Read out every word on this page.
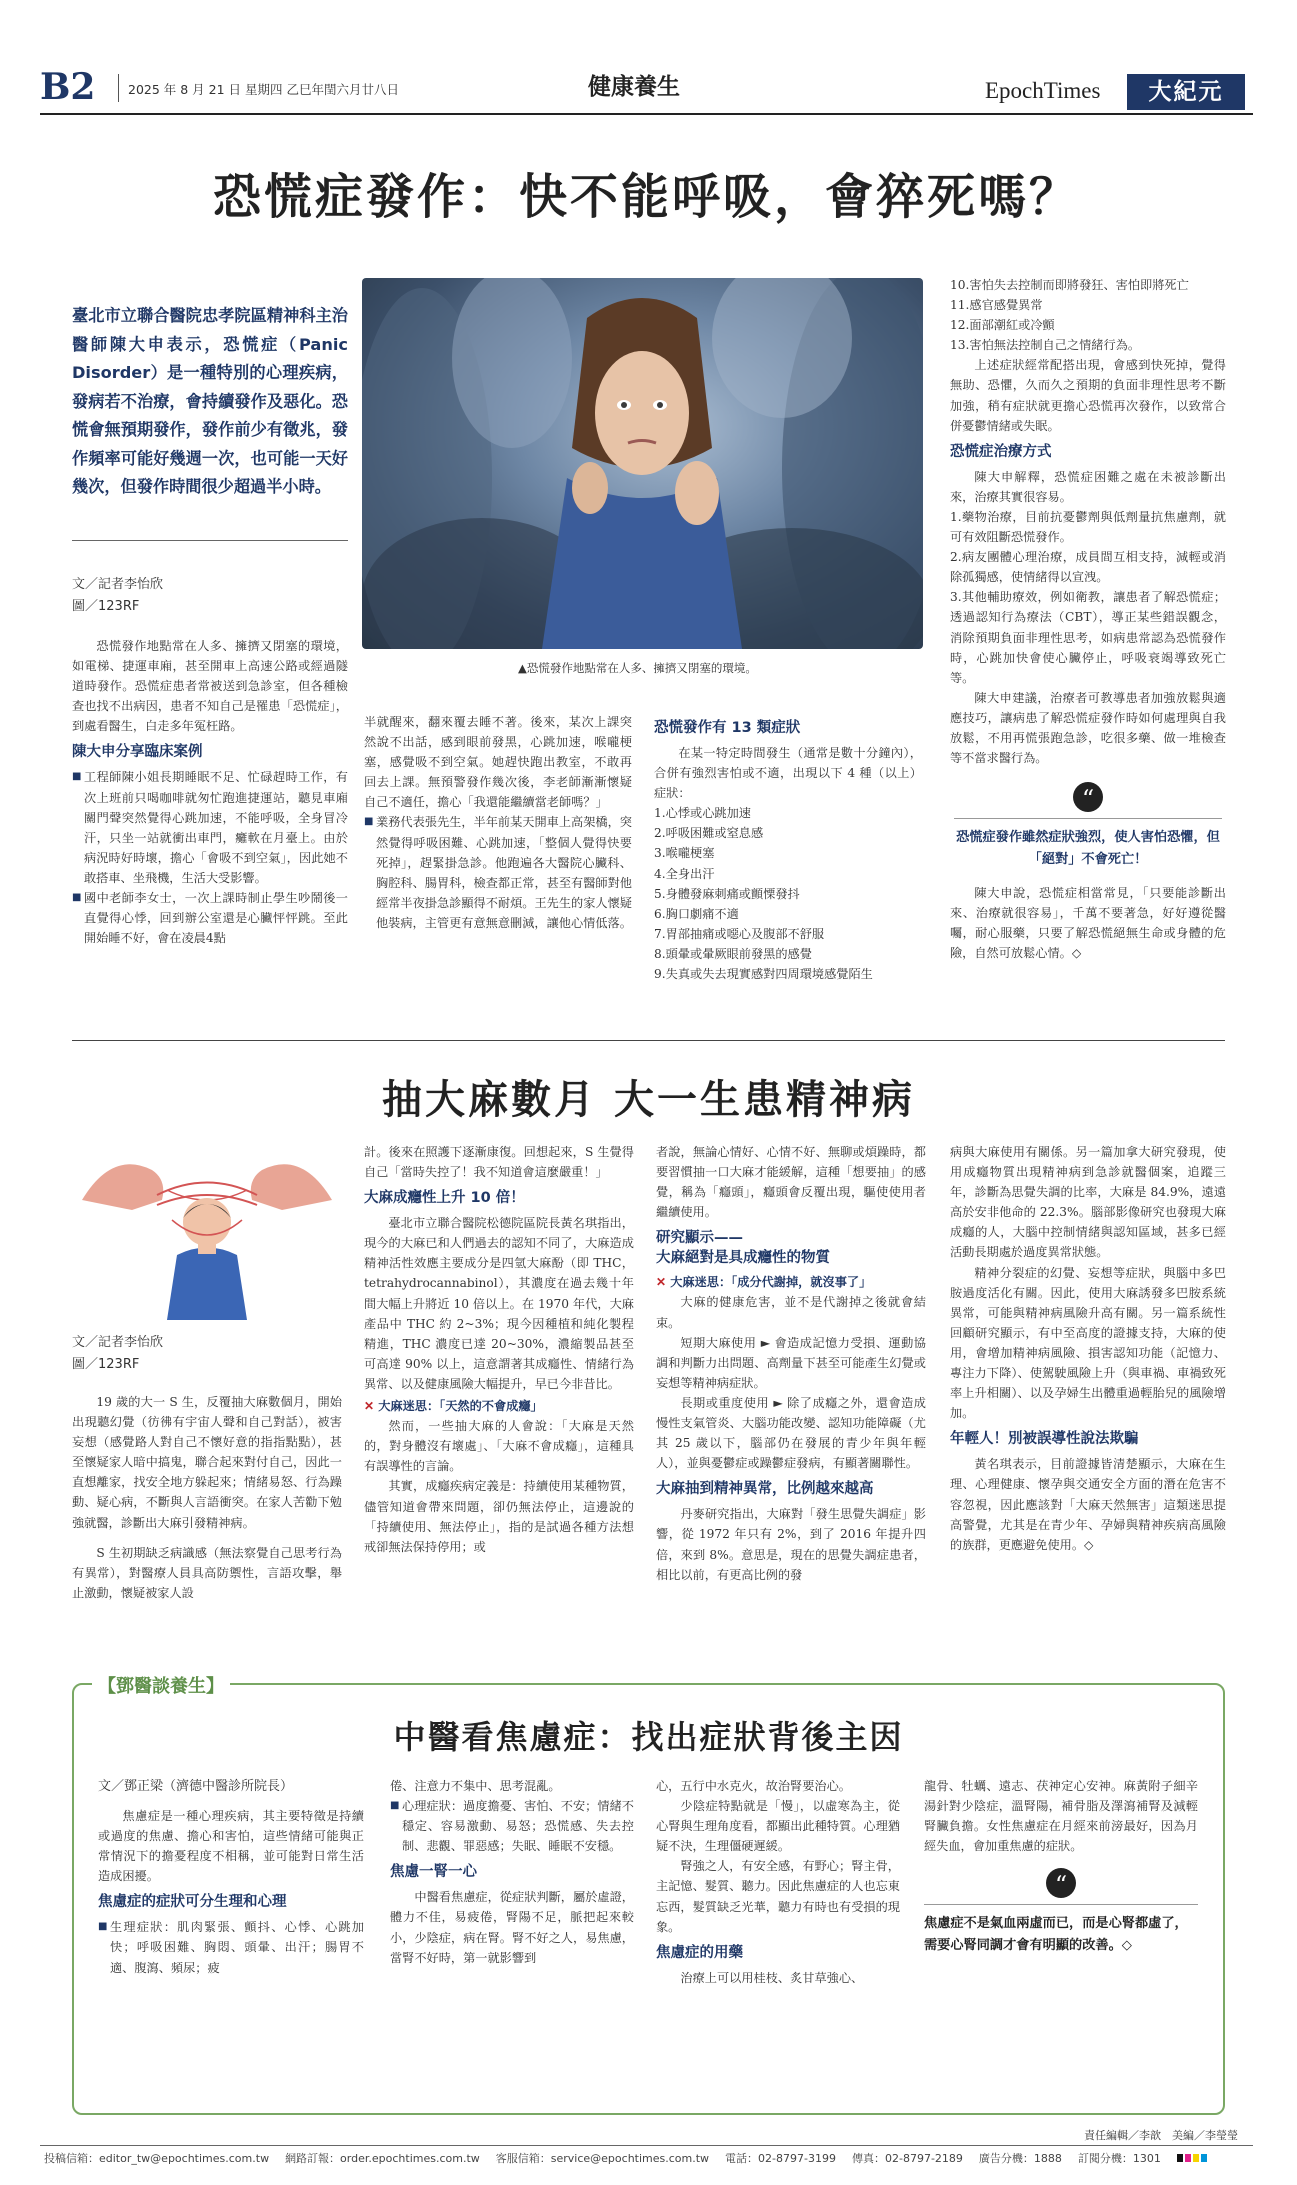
B2	2025 年 8 月 21 日 星期四 乙巳年閏六月廿八日	健康養生	EpochTimes	大紀元
恐慌症發作：快不能呼吸，會猝死嗎？
臺北市立聯合醫院忠孝院區精神科主治醫師陳大申表示，恐慌症（Panic Disorder）是一種特別的心理疾病，發病若不治療，會持續發作及惡化。恐慌會無預期發作，發作前少有徵兆，發作頻率可能好幾週一次，也可能一天好幾次，但發作時間很少超過半小時。
文／記者李怡欣
圖／123RF
▲恐慌發作地點常在人多、擁擠又閉塞的環境。

恐慌發作地點常在人多、擁擠又閉塞的環境，如電梯、捷運車廂，甚至開車上高速公路或經過隧道時發作。恐慌症患者常被送到急診室，但各種檢查也找不出病因，患者不知自己是罹患「恐慌症」，到處看醫生，白走多年冤枉路。

陳大申分享臨床案例

■ 工程師陳小姐長期睡眠不足、忙碌趕時工作，有次上班前只喝咖啡就匆忙跑進捷運站，聽見車廂關門聲突然覺得心跳加速，不能呼吸，全身冒冷汗，只坐一站就衝出車門，癱軟在月臺上。由於病況時好時壞，擔心「會吸不到空氣」，因此她不敢搭車、坐飛機，生活大受影響。

■ 國中老師李女士，一次上課時制止學生吵鬧後一直覺得心悸，回到辦公室還是心臟怦怦跳。至此開始睡不好，會在凌晨4點

半就醒來，翻來覆去睡不著。後來，某次上課突然說不出話，感到眼前發黑，心跳加速，喉嚨梗塞，感覺吸不到空氣。她趕快跑出教室，不敢再回去上課。無預警發作幾次後，李老師漸漸懷疑自己不適任，擔心「我還能繼續當老師嗎？」

■ 業務代表張先生，半年前某天開車上高架橋，突然覺得呼吸困難、心跳加速，「整個人覺得快要死掉」，趕緊掛急診。他跑遍各大醫院心臟科、胸腔科、腸胃科，檢查都正常，甚至有醫師對他經常半夜掛急診顯得不耐煩。王先生的家人懷疑他裝病，主管更有意無意刪減，讓他心情低落。

恐慌發作有 13 類症狀

在某一特定時間發生（通常是數十分鐘內），合併有強烈害怕或不適，出現以下 4 種（以上）症狀：

1.心悸或心跳加速
2.呼吸困難或窒息感
3.喉嚨梗塞
4.全身出汗
5.身體發麻刺痛或顫慄發抖
6.胸口劇痛不適
7.胃部抽痛或噁心及腹部不舒服
8.頭暈或暈厥眼前發黑的感覺
9.失真或失去現實感對四周環境感覺陌生
10.害怕失去控制而即將發狂、害怕即將死亡
11.感官感覺異常
12.面部潮紅或冷顫
13.害怕無法控制自己之情緒行為。

上述症狀經常配搭出現，會感到快死掉，覺得無助、恐懼，久而久之預期的負面非理性思考不斷加強，稍有症狀就更擔心恐慌再次發作，以致常合併憂鬱情緒或失眠。

恐慌症治療方式

陳大申解釋，恐慌症困難之處在未被診斷出來，治療其實很容易。

1.藥物治療，目前抗憂鬱劑與低劑量抗焦慮劑，就可有效阻斷恐慌發作。
2.病友團體心理治療，成員間互相支持，減輕或消除孤獨感，使情緒得以宣洩。
3.其他輔助療效，例如衛教，讓患者了解恐慌症；透過認知行為療法（CBT），導正某些錯誤觀念，消除預期負面非理性思考，如病患常認為恐慌發作時，心跳加快會使心臟停止，呼吸衰竭導致死亡等。

陳大申建議，治療者可教導患者加強放鬆與適應技巧，讓病患了解恐慌症發作時如何處理與自我放鬆，不用再慌張跑急診，吃很多藥、做一堆檢查等不當求醫行為。

“
恐慌症發作雖然症狀強烈，使人害怕恐懼，但「絕對」不會死亡！

陳大申說，恐慌症相當常見，「只要能診斷出來、治療就很容易」，千萬不要著急，好好遵從醫囑，耐心服藥，只要了解恐慌絕無生命或身體的危險，自然可放鬆心情。◇

抽大麻數月 大一生患精神病
文／記者李怡欣
圖／123RF

19 歲的大一 S 生，反覆抽大麻數個月，開始出現聽幻覺（彷彿有宇宙人聲和自己對話），被害妄想（感覺路人對自己不懷好意的指指點點），甚至懷疑家人暗中搞鬼，聯合起來對付自己，因此一直想離家，找安全地方躲起來；情緒易怒、行為躁動、疑心病，不斷與人言語衝突。在家人苦勸下勉強就醫，診斷出大麻引發精神病。

S 生初期缺乏病識感（無法察覺自己思考行為有異常），對醫療人員具高防禦性，言語攻擊，舉止激動，懷疑被家人設

計。後來在照護下逐漸康復。回想起來，S 生覺得自己「當時失控了！我不知道會這麼嚴重！」

大麻成癮性上升 10 倍！

臺北市立聯合醫院松德院區院長黃名琪指出，現今的大麻已和人們過去的認知不同了，大麻造成精神活性效應主要成分是四氫大麻酚（即 THC，tetrahydrocannabinol），其濃度在過去幾十年間大幅上升將近 10 倍以上。在 1970 年代，大麻產品中 THC 約 2~3%；現今因種植和純化製程精進，THC 濃度已達 20~30%，濃縮製品甚至可高達 90% 以上，這意謂著其成癮性、情緒行為異常、以及健康風險大幅提升，早已今非昔比。

✕ 大麻迷思：「天然的不會成癮」

然而，一些抽大麻的人會說：「大麻是天然的，對身體沒有壞處」、「大麻不會成癮」，這種具有誤導性的言論。

其實，成癮疾病定義是：持續使用某種物質，儘管知道會帶來問題，卻仍無法停止，這邊說的「持續使用、無法停止」，指的是試過各種方法想戒卻無法保持停用；或

者說，無論心情好、心情不好、無聊或煩躁時，都要習慣抽一口大麻才能緩解，這種「想要抽」的感覺，稱為「癮頭」，癮頭會反覆出現，驅使使用者繼續使用。

研究顯示——
大麻絕對是具成癮性的物質
✕ 大麻迷思：「成分代謝掉，就沒事了」

大麻的健康危害，並不是代謝掉之後就會結束。

短期大麻使用 ► 會造成記憶力受損、運動協調和判斷力出問題、高劑量下甚至可能產生幻覺或妄想等精神病症狀。

長期或重度使用 ► 除了成癮之外，還會造成慢性支氣管炎、大腦功能改變、認知功能障礙（尤其 25 歲以下，腦部仍在發展的青少年與年輕人），並與憂鬱症或躁鬱症發病，有顯著關聯性。

大麻抽到精神異常，比例越來越高

丹麥研究指出，大麻對「發生思覺失調症」影響，從 1972 年只有 2%，到了 2016 年提升四倍，來到 8%。意思是，現在的思覺失調症患者，相比以前，有更高比例的發

病與大麻使用有關係。另一篇加拿大研究發現，使用成癮物質出現精神病到急診就醫個案，追蹤三年，診斷為思覺失調的比率，大麻是 84.9%，遠遠高於安非他命的 22.3%。腦部影像研究也發現大麻成癮的人，大腦中控制情緒與認知區域，甚多已經活動長期處於過度異常狀態。

精神分裂症的幻覺、妄想等症狀，與腦中多巴胺過度活化有關。因此，使用大麻誘發多巴胺系統異常，可能與精神病風險升高有關。另一篇系統性回顧研究顯示，有中至高度的證據支持，大麻的使用，會增加精神病風險、損害認知功能（記憶力、專注力下降）、使駕駛風險上升（與車禍、車禍致死率上升相關）、以及孕婦生出體重過輕胎兒的風險增加。

年輕人！別被誤導性說法欺騙

黃名琪表示，目前證據皆清楚顯示，大麻在生理、心理健康、懷孕與交通安全方面的潛在危害不容忽視，因此應該對「大麻天然無害」這類迷思提高警覺，尤其是在青少年、孕婦與精神疾病高風險的族群，更應避免使用。◇

【鄧醫談養生】
中醫看焦慮症：找出症狀背後主因
文／鄧正梁（濟德中醫診所院長）

焦慮症是一種心理疾病，其主要特徵是持續或過度的焦慮、擔心和害怕，這些情緒可能與正常情況下的擔憂程度不相稱，並可能對日常生活造成困擾。

焦慮症的症狀可分生理和心理

■ 生理症狀：肌肉緊張、顫抖、心悸、心跳加快；呼吸困難、胸悶、頭暈、出汗；腸胃不適、腹瀉、頻尿；疲

倦、注意力不集中、思考混亂。

■ 心理症狀：過度擔憂、害怕、不安；情緒不穩定、容易激動、易怒；恐慌感、失去控制、悲觀、罪惡感；失眠、睡眠不安穩。

焦慮一腎一心

中醫看焦慮症，從症狀判斷，屬於虛證，體力不佳，易疲倦，腎陽不足，脈把起來較小，少陰症，病在腎。腎不好之人，易焦慮，當腎不好時，第一就影響到

心，五行中水克火，故治腎要治心。

少陰症特點就是「慢」，以虛寒為主，從心腎與生理角度看，都顯出此種特質。心理猶疑不決，生理僵硬遲緩。

腎強之人，有安全感，有野心；腎主骨，主記憶、髮質、聽力。因此焦慮症的人也忘東忘西，髮質缺乏光華，聽力有時也有受損的現象。

焦慮症的用藥

治療上可以用桂枝、炙甘草強心、

龍骨、牡蠣、遠志、茯神定心安神。麻黃附子細辛湯針對少陰症，溫腎陽，補骨脂及澤瀉補腎及減輕腎臟負擔。女性焦慮症在月經來前滂最好，因為月經失血，會加重焦慮的症狀。

“
焦慮症不是氣血兩虛而已，而是心腎都虛了，需要心腎同調才會有明顯的改善。◇
責任編輯／李歆　美編／李瑩瑩
投稿信箱：editor_tw@epochtimes.com.tw 網路訂報：order.epochtimes.com.tw 客服信箱：service@epochtimes.com.tw 電話：02-8797-3199 傳真：02-8797-2189 廣告分機：1888 訂閱分機：1301
